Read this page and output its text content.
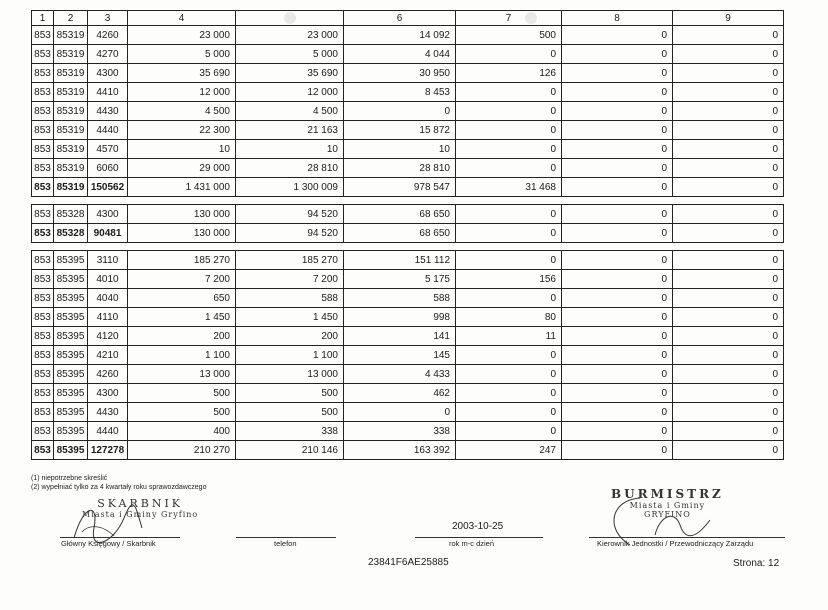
1	2	3	4		6	7	8	9
853	85319	4260	23 000	23 000	14 092	500	0	0
853	85319	4270	5 000	5 000	4 044	0	0	0
853	85319	4300	35 690	35 690	30 950	126	0	0
853	85319	4410	12 000	12 000	8 453	0	0	0
853	85319	4430	4 500	4 500	0	0	0	0
853	85319	4440	22 300	21 163	15 872	0	0	0
853	85319	4570	10	10	10	0	0	0
853	85319	6060	29 000	28 810	28 810	0	0	0
853	85319	150562	1 431 000	1 300 009	978 547	31 468	0	0

853	85328	4300	130 000	94 520	68 650	0	0	0
853	85328	90481	130 000	94 520	68 650	0	0	0

853	85395	3110	185 270	185 270	151 112	0	0	0
853	85395	4010	7 200	7 200	5 175	156	0	0
853	85395	4040	650	588	588	0	0	0
853	85395	4110	1 450	1 450	998	80	0	0
853	85395	4120	200	200	141	11	0	0
853	85395	4210	1 100	1 100	145	0	0	0
853	85395	4260	13 000	13 000	4 433	0	0	0
853	85395	4300	500	500	462	0	0	0
853	85395	4430	500	500	0	0	0	0
853	85395	4440	400	338	338	0	0	0
853	85395	127278	210 270	210 146	163 392	247	0	0
(1) niepotrzebne skreślić
(2) wypełniać tylko za 4 kwartały roku sprawozdawczego
SKARBNIK
Miasta i Gminy Gryfino
BURMISTRZ
Miasta i Gminy
GRYFINO
Główny Księgowy / Skarbnik	telefon
2003-10-25
rok m-c dzień	Kierownik Jednostki / Przewodniczący Zarządu
23841F6AE25885	Strona: 12
